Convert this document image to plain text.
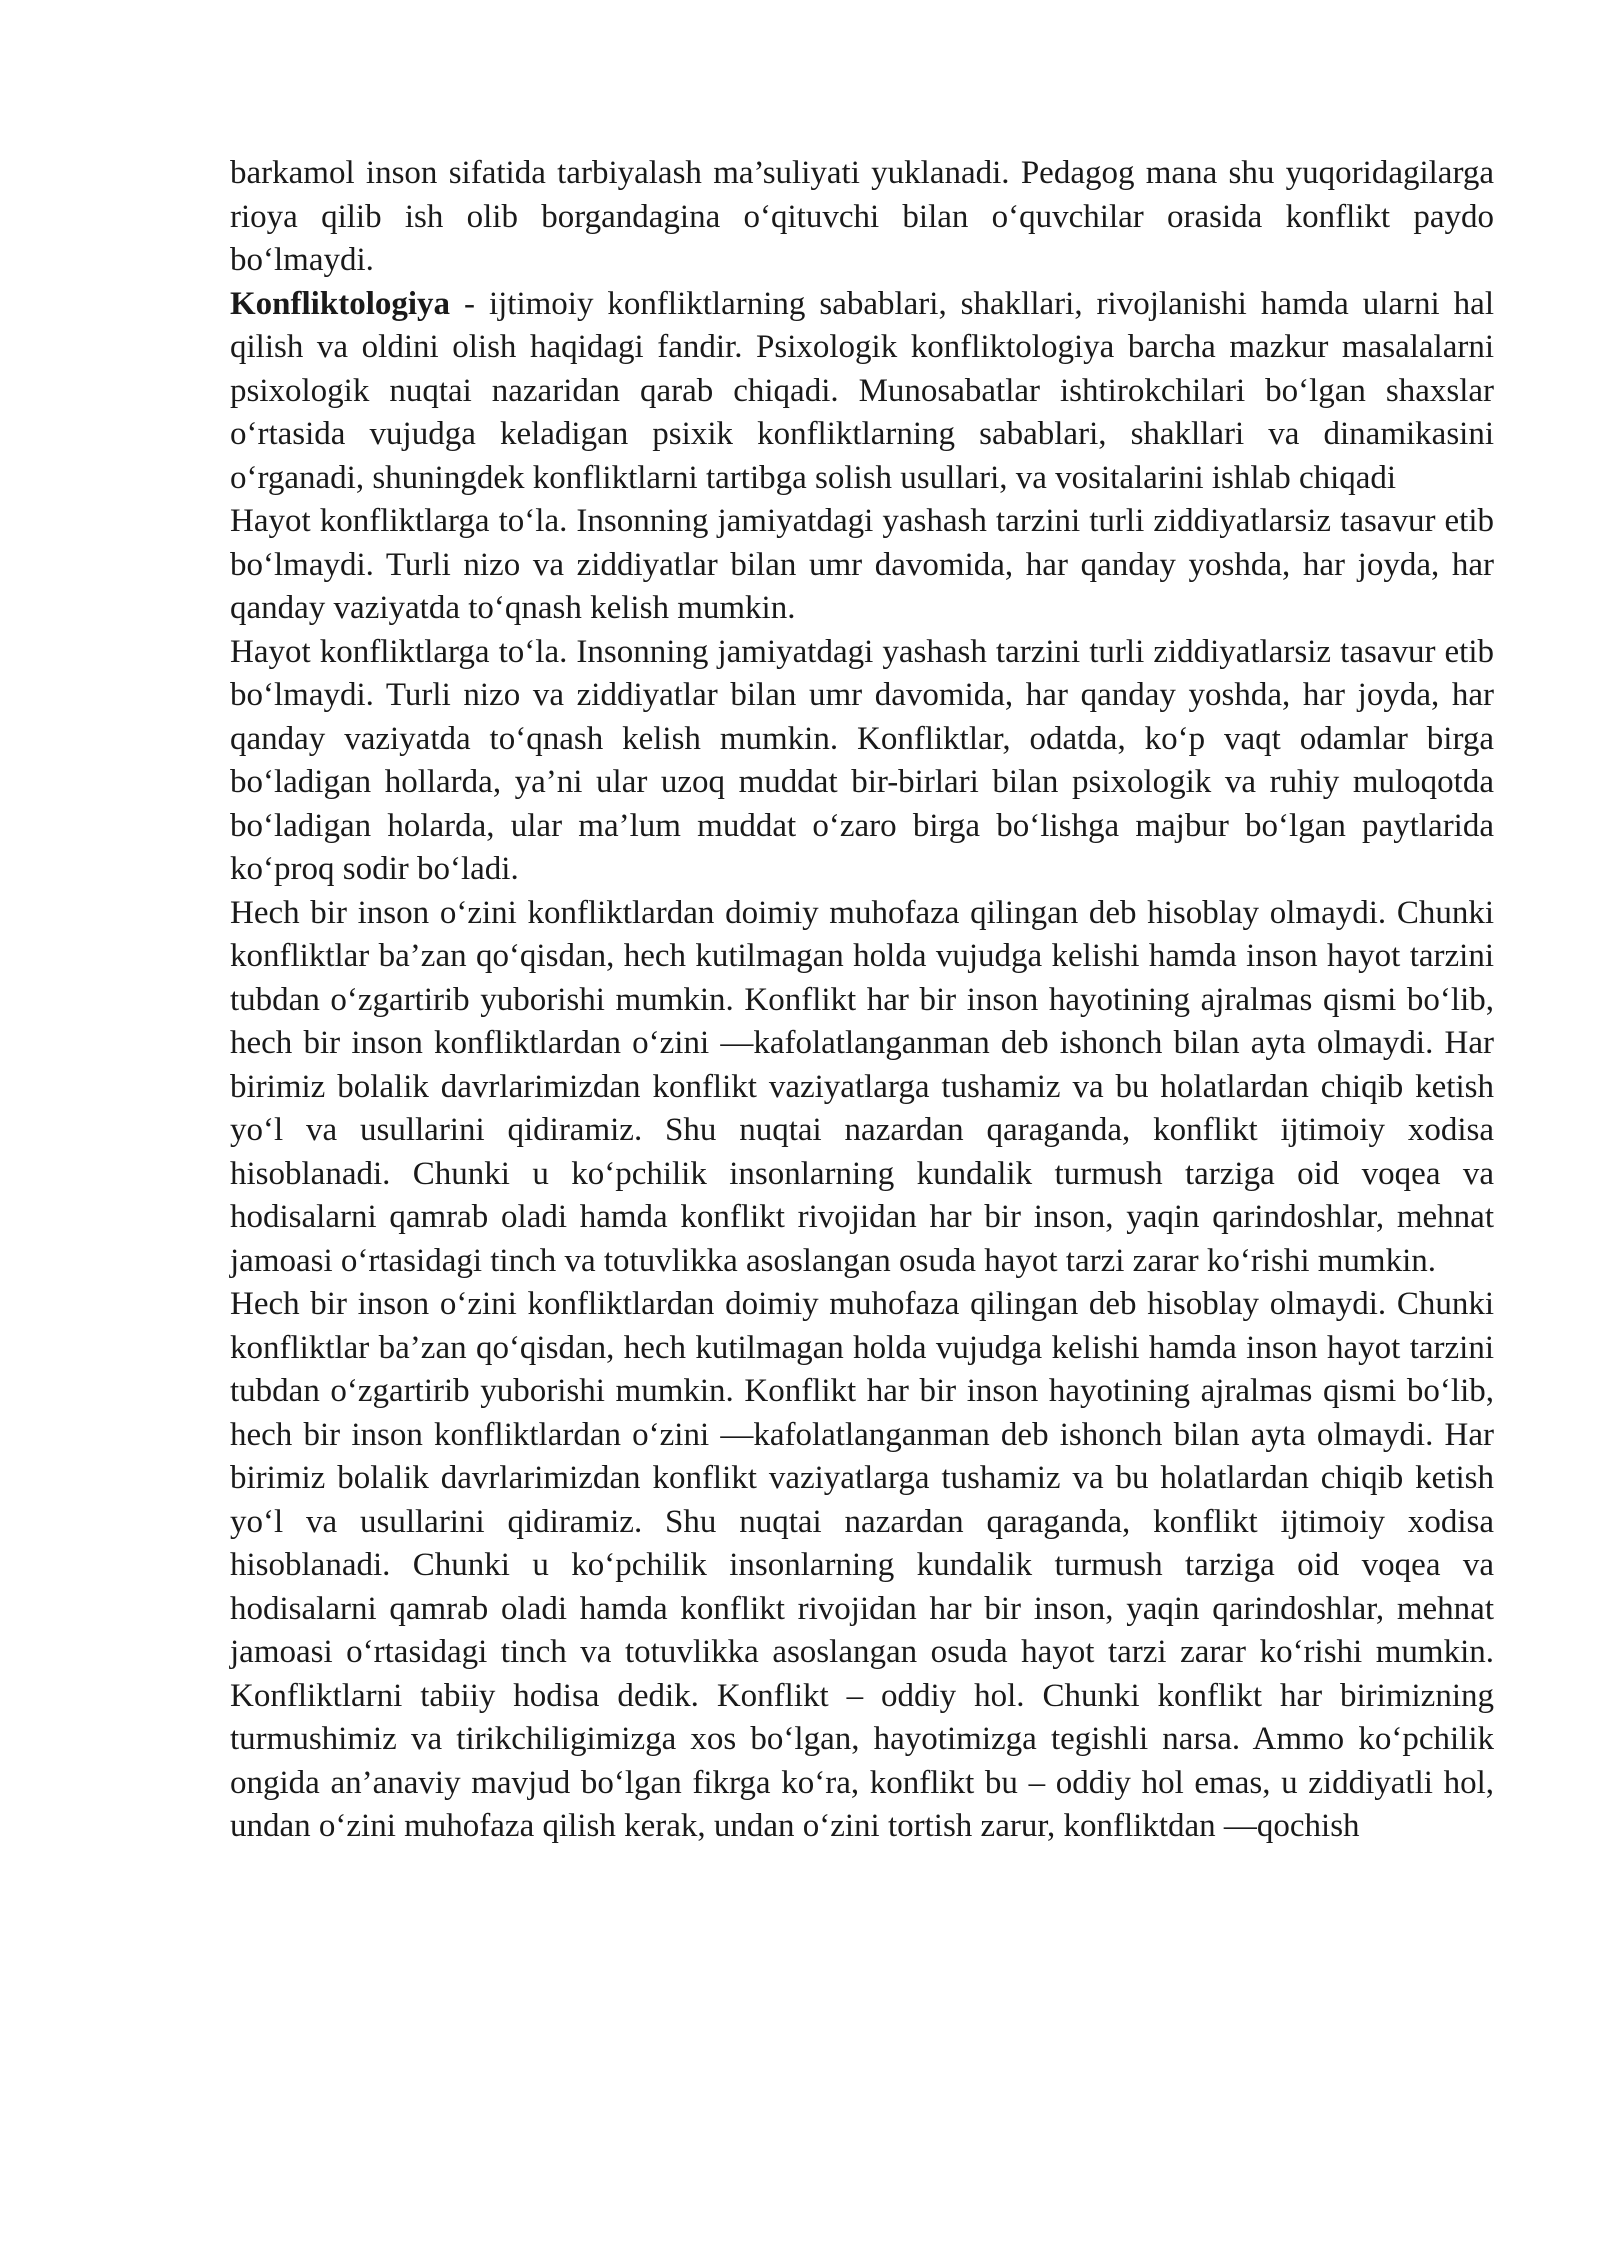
barkamol inson sifatida tarbiyalash ma’suliyati yuklanadi. Pedagog mana shu yuqoridagilarga rioya qilib ish olib borgandagina o‘qituvchi bilan o‘quvchilar orasida konflikt paydo bo‘lmaydi.

Konfliktologiya - ijtimoiy konfliktlarning sabablari, shakllari, rivojlanishi hamda ularni hal qilish va oldini olish haqidagi fandir. Psixologik konfliktologiya barcha mazkur masalalarni psixologik nuqtai nazaridan qarab chiqadi. Munosabatlar ishtirokchilari bo‘lgan shaxslar o‘rtasida vujudga keladigan psixik konfliktlarning sabablari, shakllari va dinamikasini o‘rganadi, shuningdek konfliktlarni tartibga solish usullari, va vositalarini ishlab chiqadi

Hayot konfliktlarga to‘la. Insonning jamiyatdagi yashash tarzini turli ziddiyatlarsiz tasavur etib bo‘lmaydi. Turli nizo va ziddiyatlar bilan umr davomida, har qanday yoshda, har joyda, har qanday vaziyatda to‘qnash kelish mumkin.

Hayot konfliktlarga to‘la. Insonning jamiyatdagi yashash tarzini turli ziddiyatlarsiz tasavur etib bo‘lmaydi. Turli nizo va ziddiyatlar bilan umr davomida, har qanday yoshda, har joyda, har qanday vaziyatda to‘qnash kelish mumkin. Konfliktlar, odatda, ko‘p vaqt odamlar birga bo‘ladigan hollarda, ya’ni ular uzoq muddat bir-birlari bilan psixologik va ruhiy muloqotda bo‘ladigan holarda, ular ma’lum muddat o‘zaro birga bo‘lishga majbur bo‘lgan paytlarida ko‘proq sodir bo‘ladi.

Hech bir inson o‘zini konfliktlardan doimiy muhofaza qilingan deb hisoblay olmaydi. Chunki konfliktlar ba’zan qo‘qisdan, hech kutilmagan holda vujudga kelishi hamda inson hayot tarzini tubdan o‘zgartirib yuborishi mumkin. Konflikt har bir inson hayotining ajralmas qismi bo‘lib, hech bir inson konfliktlardan o‘zini —kafolatlanganman deb ishonch bilan ayta olmaydi. Har birimiz bolalik davrlarimizdan konflikt vaziyatlarga tushamiz va bu holatlardan chiqib ketish yo‘l va usullarini qidiramiz. Shu nuqtai nazardan qaraganda, konflikt ijtimoiy xodisa hisoblanadi. Chunki u ko‘pchilik insonlarning kundalik turmush tarziga oid voqea va hodisalarni qamrab oladi hamda konflikt rivojidan har bir inson, yaqin qarindoshlar, mehnat jamoasi o‘rtasidagi tinch va totuvlikka asoslangan osuda hayot tarzi zarar ko‘rishi mumkin.

Hech bir inson o‘zini konfliktlardan doimiy muhofaza qilingan deb hisoblay olmaydi. Chunki konfliktlar ba’zan qo‘qisdan, hech kutilmagan holda vujudga kelishi hamda inson hayot tarzini tubdan o‘zgartirib yuborishi mumkin. Konflikt har bir inson hayotining ajralmas qismi bo‘lib, hech bir inson konfliktlardan o‘zini —kafolatlanganman deb ishonch bilan ayta olmaydi. Har birimiz bolalik davrlarimizdan konflikt vaziyatlarga tushamiz va bu holatlardan chiqib ketish yo‘l va usullarini qidiramiz. Shu nuqtai nazardan qaraganda, konflikt ijtimoiy xodisa hisoblanadi. Chunki u ko‘pchilik insonlarning kundalik turmush tarziga oid voqea va hodisalarni qamrab oladi hamda konflikt rivojidan har bir inson, yaqin qarindoshlar, mehnat jamoasi o‘rtasidagi tinch va totuvlikka asoslangan osuda hayot tarzi zarar ko‘rishi mumkin. Konfliktlarni tabiiy hodisa dedik. Konflikt – oddiy hol. Chunki konflikt har birimizning turmushimiz va tirikchiligimizga xos bo‘lgan, hayotimizga tegishli narsa. Ammo ko‘pchilik ongida an’anaviy mavjud bo‘lgan fikrga ko‘ra, konflikt bu – oddiy hol emas, u ziddiyatli hol, undan o‘zini muhofaza qilish kerak, undan o‘zini tortish zarur, konfliktdan —qochish
